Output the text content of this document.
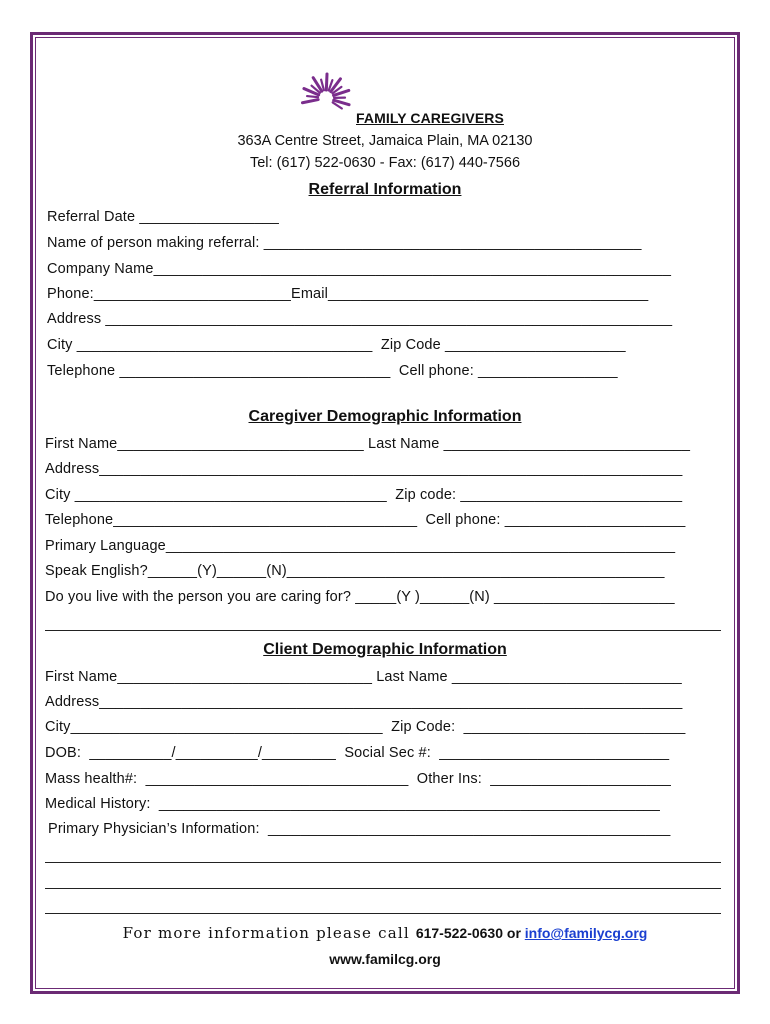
FAMILY CAREGIVERS
363A Centre Street, Jamaica Plain, MA 02130
Tel: (617) 522-0630 - Fax: (617) 440-7566
Referral Information
Referral Date _________________
Name of person making referral: ______________________________________________
Company Name_______________________________________________________________
Phone:________________________Email_______________________________________
Address _____________________________________________________________________
City ____________________________________  Zip Code ______________________
Telephone _________________________________  Cell phone: _________________
Caregiver Demographic Information
First Name______________________________ Last Name ______________________________
Address_______________________________________________________________________
City ______________________________________  Zip code: ___________________________
Telephone_____________________________________  Cell phone: ______________________
Primary Language______________________________________________________________
Speak English?______(Y)______(N)______________________________________________
Do you live with the person you are caring for? _____(Y )______(N) ______________________
Client Demographic Information
First Name_______________________________ Last Name ____________________________
Address_______________________________________________________________________
City______________________________________  Zip Code:  ___________________________
DOB:  __________/__________/_________  Social Sec #:  ____________________________
Mass health#:  ________________________________  Other Ins:  ______________________
Medical History:  _____________________________________________________________
Primary Physician’s Information:  _________________________________________________
For more information please call 617-522-0630 or info@familycg.org
www.familcg.org
